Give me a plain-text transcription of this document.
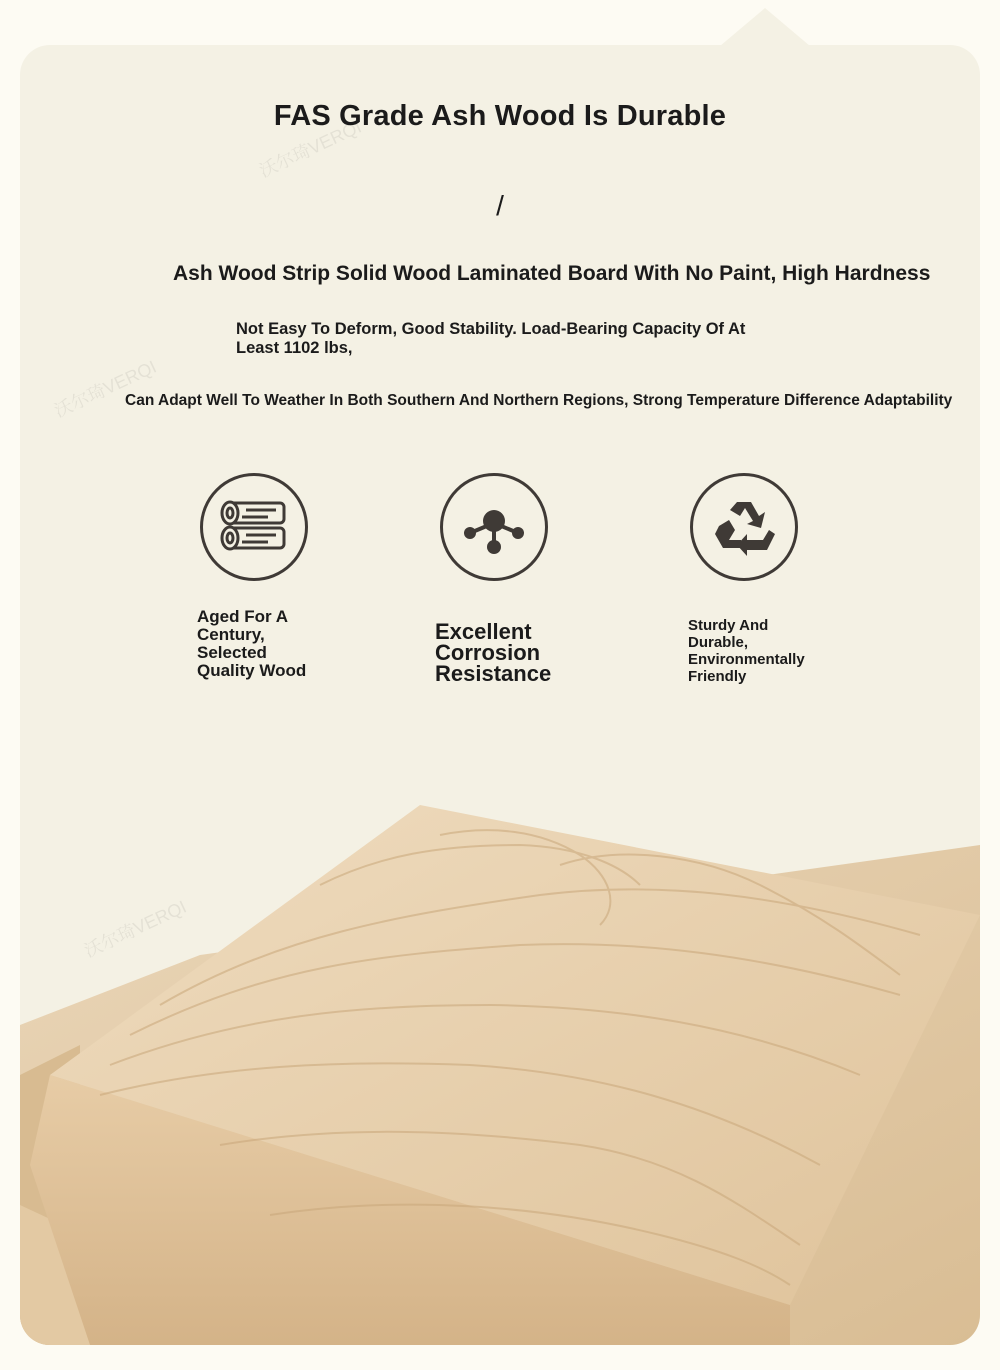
FAS Grade Ash Wood Is Durable
/
Ash Wood Strip Solid Wood Laminated Board With No Paint, High Hardness
Not Easy To Deform, Good Stability. Load-Bearing Capacity Of At Least 1102 lbs,
Can Adapt Well To Weather In Both Southern And Northern Regions, Strong Temperature Difference Adaptability
沃尔琦VERQI
沃尔琦VERQI
沃尔琦VERQI
Aged For A Century, Selected Quality Wood
Excellent Corrosion Resistance
Sturdy And Durable, Environmentally Friendly
